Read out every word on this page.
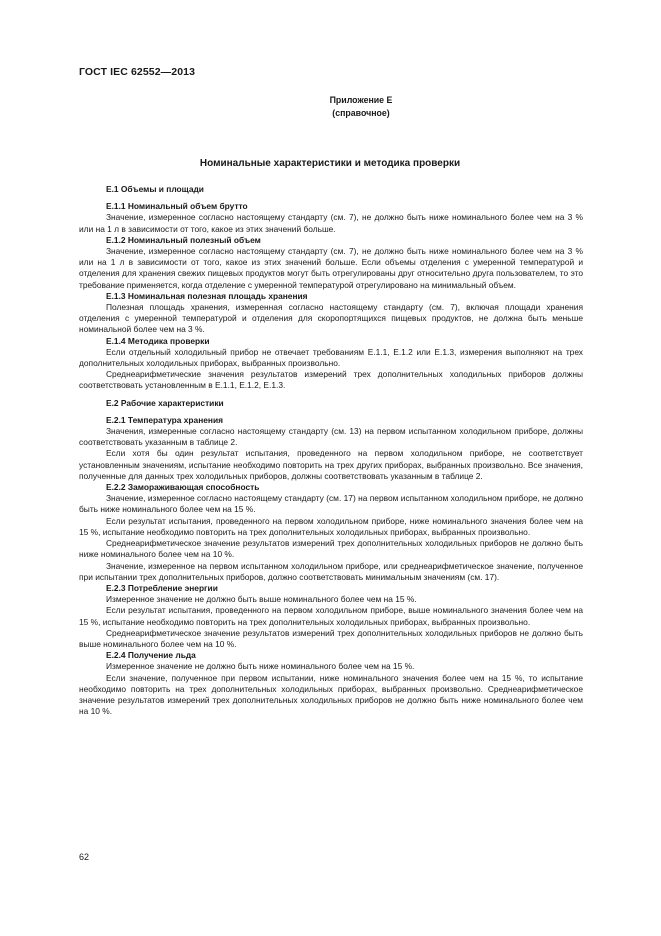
ГОСТ IEC 62552—2013
Приложение Е
(справочное)
Номинальные характеристики и методика проверки

Е.1 Объемы и площади

Е.1.1 Номинальный объем брутто

Значение, измеренное согласно настоящему стандарту (см. 7), не должно быть ниже номинального более чем на 3 % или на 1 л в зависимости от того, какое из этих значений больше.

Е.1.2 Номинальный полезный объем

Значение, измеренное согласно настоящему стандарту (см. 7), не должно быть ниже номинального более чем на 3 % или на 1 л в зависимости от того, какое из этих значений больше. Если объемы отделения с умеренной температурой и отделения для хранения свежих пищевых продуктов могут быть отрегулированы друг относительно друга пользователем, то это требование применяется, когда отделение с умеренной температурой отрегулировано на минимальный объем.

Е.1.3 Номинальная полезная площадь хранения

Полезная площадь хранения, измеренная согласно настоящему стандарту (см. 7), включая площади хранения отделения с умеренной температурой и отделения для скоропортящихся пищевых продуктов, не должна быть меньше номинальной более чем на 3 %.

Е.1.4 Методика проверки

Если отдельный холодильный прибор не отвечает требованиям Е.1.1, Е.1.2 или Е.1.3, измерения выполняют на трех дополнительных холодильных приборах, выбранных произвольно.

Среднеарифметические значения результатов измерений трех дополнительных холодильных приборов должны соответствовать установленным в Е.1.1, Е.1.2, Е.1.3.

Е.2 Рабочие характеристики

Е.2.1 Температура хранения

Значения, измеренные согласно настоящему стандарту (см. 13) на первом испытанном холодильном приборе, должны соответствовать указанным в таблице 2.

Если хотя бы один результат испытания, проведенного на первом холодильном приборе, не соответствует установленным значениям, испытание необходимо повторить на трех других приборах, выбранных произвольно. Все значения, полученные для данных трех холодильных приборов, должны соответствовать указанным в таблице 2.

Е.2.2 Замораживающая способность

Значение, измеренное согласно настоящему стандарту (см. 17) на первом испытанном холодильном приборе, не должно быть ниже номинального более чем на 15 %.

Если результат испытания, проведенного на первом холодильном приборе, ниже номинального значения более чем на 15 %, испытание необходимо повторить на трех дополнительных холодильных приборах, выбранных произвольно.

Среднеарифметическое значение результатов измерений трех дополнительных холодильных приборов не должно быть ниже номинального более чем на 10 %.

Значение, измеренное на первом испытанном холодильном приборе, или среднеарифметическое значение, полученное при испытании трех дополнительных приборов, должно соответствовать минимальным значениям (см. 17).

Е.2.3 Потребление энергии

Измеренное значение не должно быть выше номинального более чем на 15 %.

Если результат испытания, проведенного на первом холодильном приборе, выше номинального значения более чем на 15 %, испытание необходимо повторить на трех дополнительных холодильных приборах, выбранных произвольно.

Среднеарифметическое значение результатов измерений трех дополнительных холодильных приборов не должно быть выше номинального более чем на 10 %.

Е.2.4 Получение льда

Измеренное значение не должно быть ниже номинального более чем на 15 %.

Если значение, полученное при первом испытании, ниже номинального значения более чем на 15 %, то испытание необходимо повторить на трех дополнительных холодильных приборах, выбранных произвольно. Среднеарифметическое значение результатов измерений трех дополнительных холодильных приборов не должно быть ниже номинального более чем на 10 %.

62
